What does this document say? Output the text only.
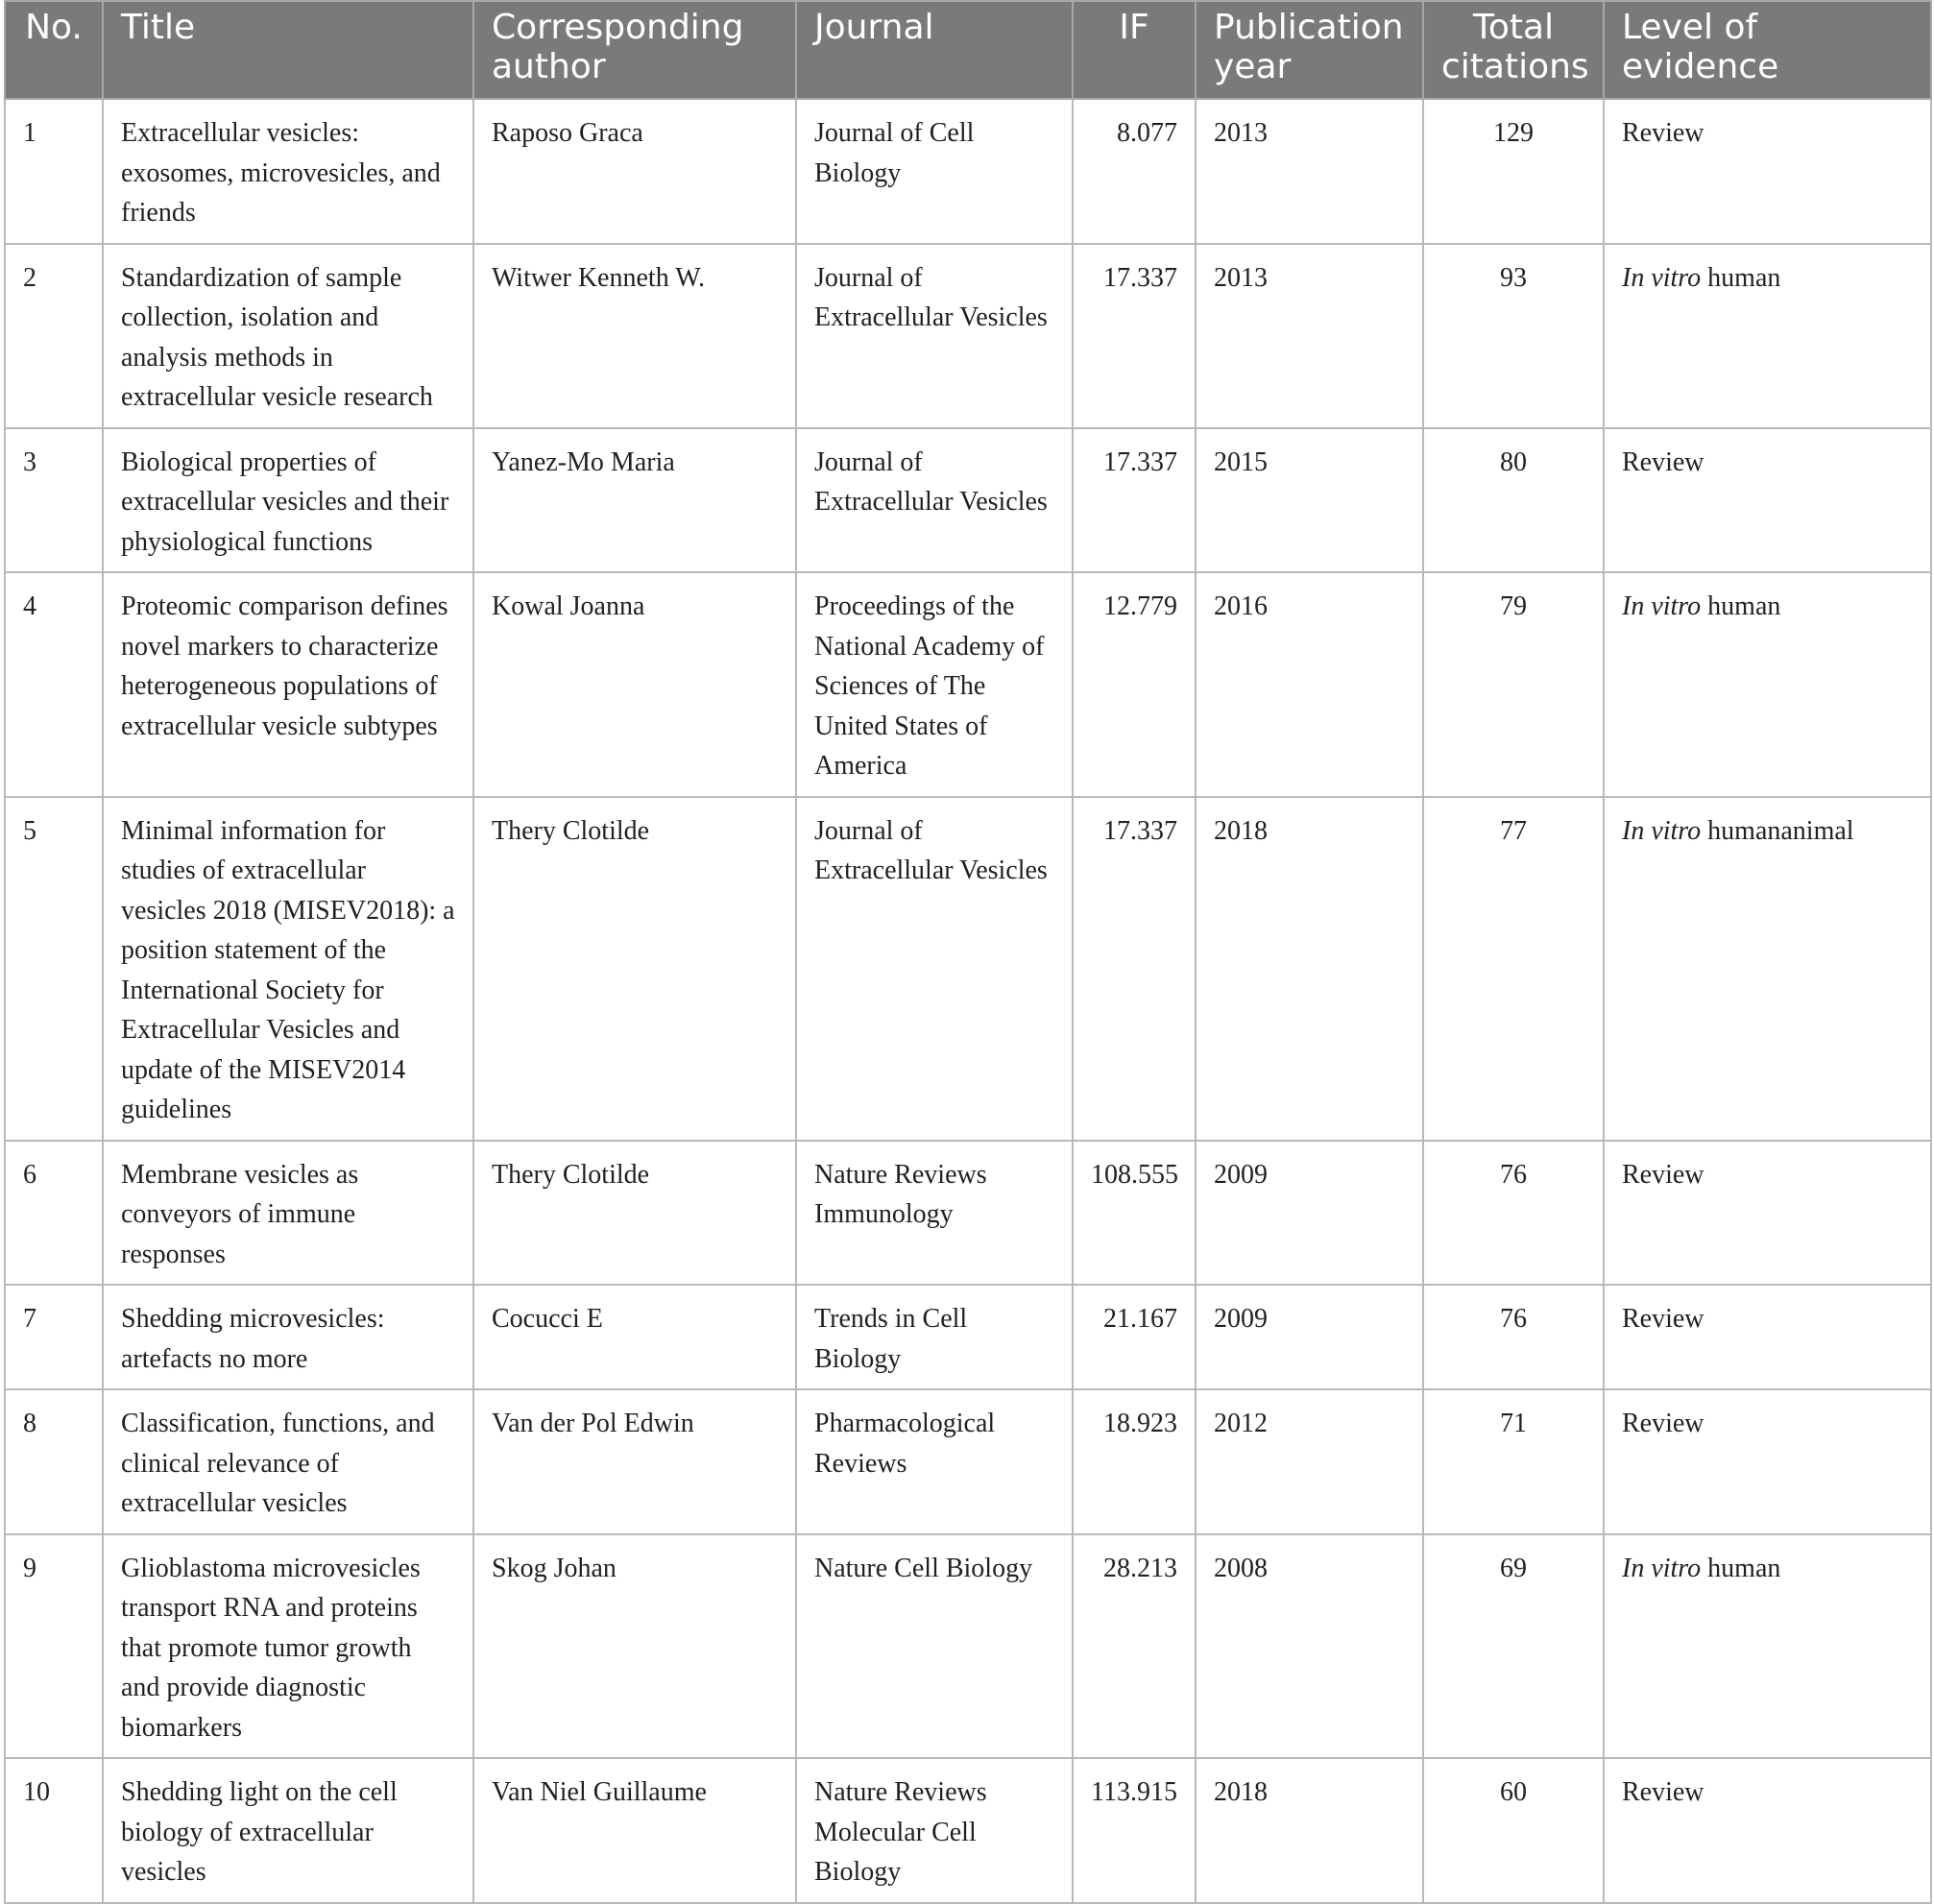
No.	Title	Corresponding author	Journal	IF	Publication year	Total citations	Level of evidence
1	Extracellular vesicles: exosomes, microvesicles, and friends	Raposo Graca	Journal of Cell Biology	8.077	2013	129	Review
2	Standardization of sample collection, isolation and analysis methods in extracellular vesicle research	Witwer Kenneth W.	Journal of Extracellular Vesicles	17.337	2013	93	In vitro human
3	Biological properties of extracellular vesicles and their physiological functions	Yanez-Mo Maria	Journal of Extracellular Vesicles	17.337	2015	80	Review
4	Proteomic comparison defines novel markers to characterize heterogeneous populations of extracellular vesicle subtypes	Kowal Joanna	Proceedings of the National Academy of Sciences of The United States of America	12.779	2016	79	In vitro human
5	Minimal information for studies of extracellular vesicles 2018 (MISEV2018): a position statement of the International Society for Extracellular Vesicles and update of the MISEV2014 guidelines	Thery Clotilde	Journal of Extracellular Vesicles	17.337	2018	77	In vitro humananimal
6	Membrane vesicles as conveyors of immune responses	Thery Clotilde	Nature Reviews Immunology	108.555	2009	76	Review
7	Shedding microvesicles: artefacts no more	Cocucci E	Trends in Cell Biology	21.167	2009	76	Review
8	Classification, functions, and clinical relevance of extracellular vesicles	Van der Pol Edwin	Pharmacological Reviews	18.923	2012	71	Review
9	Glioblastoma microvesicles transport RNA and proteins that promote tumor growth and provide diagnostic biomarkers	Skog Johan	Nature Cell Biology	28.213	2008	69	In vitro human
10	Shedding light on the cell biology of extracellular vesicles	Van Niel Guillaume	Nature Reviews Molecular Cell Biology	113.915	2018	60	Review
